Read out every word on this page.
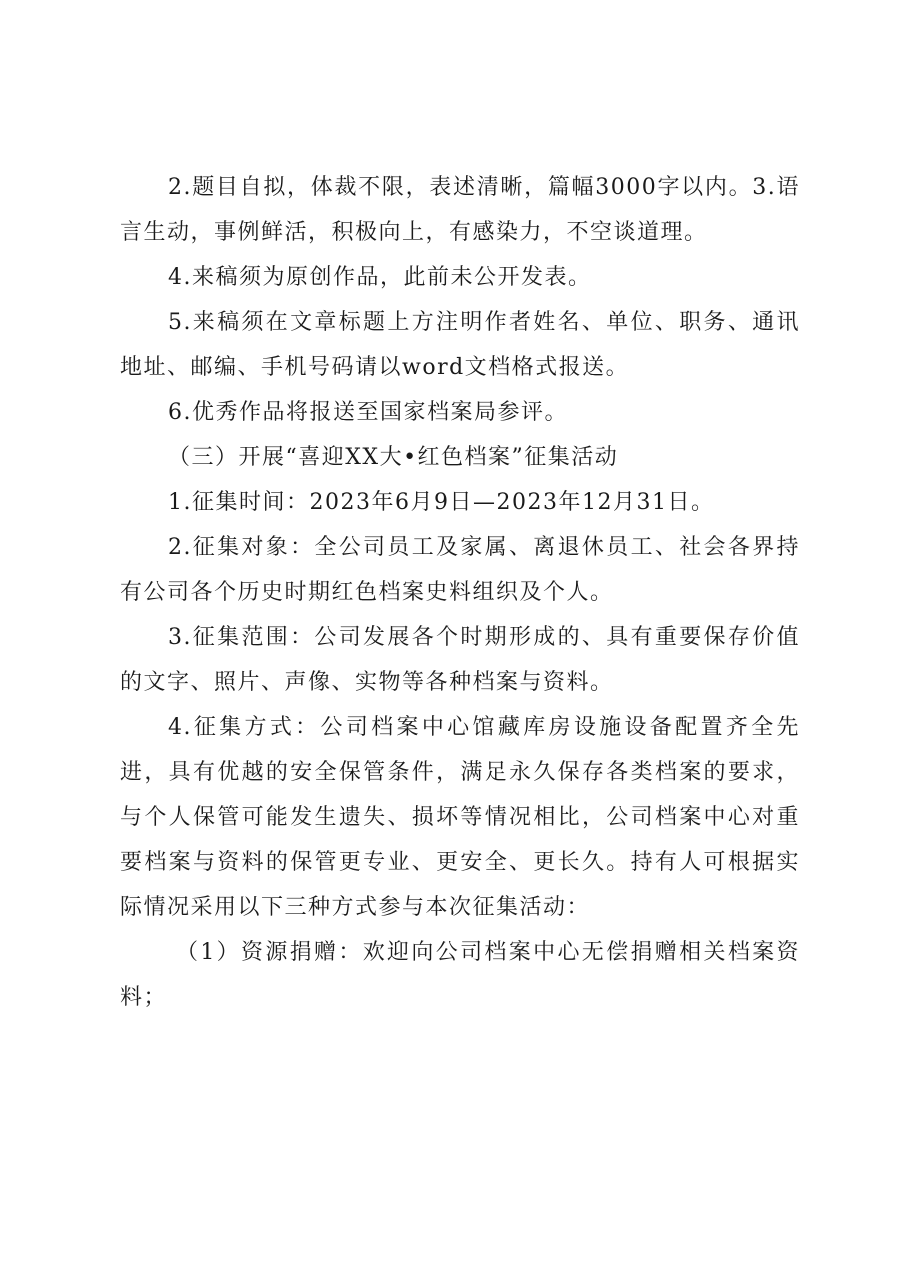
2.题目自拟，体裁不限，表述清晰，篇幅3000字以内。3.语言生动，事例鲜活，积极向上，有感染力，不空谈道理。

4.来稿须为原创作品，此前未公开发表。

5.来稿须在文章标题上方注明作者姓名、单位、职务、通讯地址、邮编、手机号码请以word文档格式报送。

6.优秀作品将报送至国家档案局参评。

（三）开展“喜迎XX大•红色档案”征集活动

1.征集时间：2023年6月9日—2023年12月31日。

2.征集对象：全公司员工及家属、离退休员工、社会各界持有公司各个历史时期红色档案史料组织及个人。

3.征集范围：公司发展各个时期形成的、具有重要保存价值的文字、照片、声像、实物等各种档案与资料。

4.征集方式：公司档案中心馆藏库房设施设备配置齐全先进，具有优越的安全保管条件，满足永久保存各类档案的要求，与个人保管可能发生遗失、损坏等情况相比，公司档案中心对重要档案与资料的保管更专业、更安全、更长久。持有人可根据实际情况采用以下三种方式参与本次征集活动：

（1）资源捐赠：欢迎向公司档案中心无偿捐赠相关档案资料；
